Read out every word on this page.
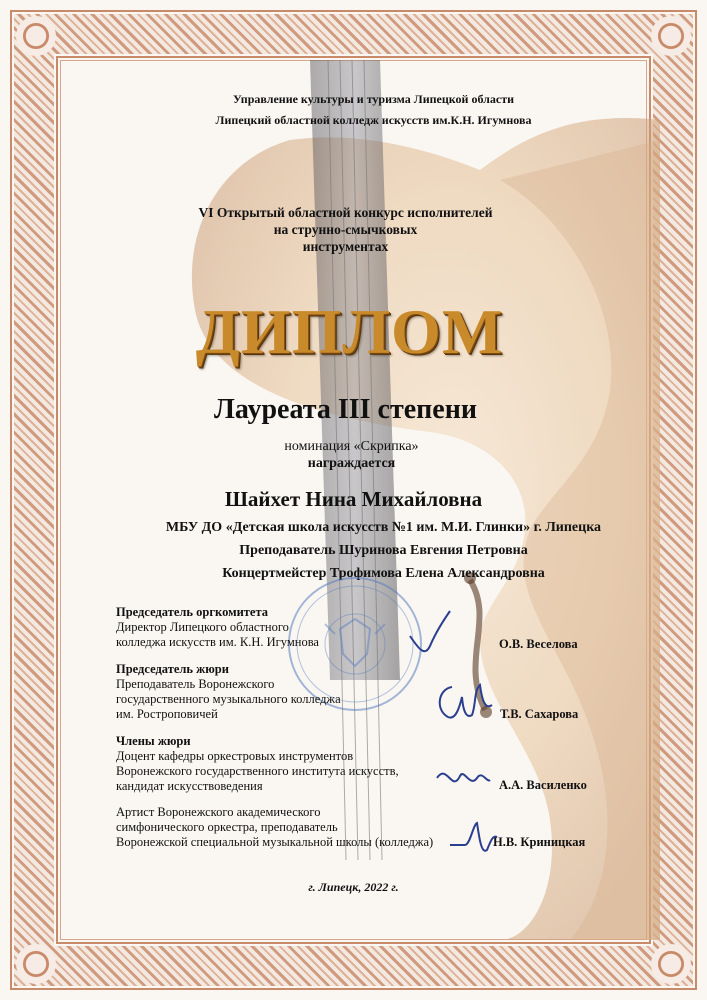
Управление культуры и туризма Липецкой области
Липецкий областной колледж искусств им.К.Н. Игумнова
VI Открытый областной конкурс исполнителей
на струнно-смычковых
инструментах
ДИПЛОМ
Лауреата III степени
номинация «Скрипка»
награждается
Шайхет Нина Михайловна
МБУ ДО «Детская школа искусств №1 им. М.И. Глинки» г. Липецка
Преподаватель Шуринова Евгения Петровна
Концертмейстер Трофимова Елена Александровна
Председатель оргкомитета
Директор Липецкого областного
колледжа искусств им. К.Н. Игумнова	О.В. Веселова
Председатель жюри
Преподаватель Воронежского
государственного музыкального колледжа
им. Ростроповичей	Т.В. Сахарова
Члены жюри
Доцент кафедры оркестровых инструментов
Воронежского государственного института искусств,
кандидат искусствоведения	А.А. Василенко
Артист Воронежского академического
симфонического оркестра, преподаватель
Воронежской специальной музыкальной школы (колледжа)	Н.В. Криницкая
г. Липецк, 2022 г.
